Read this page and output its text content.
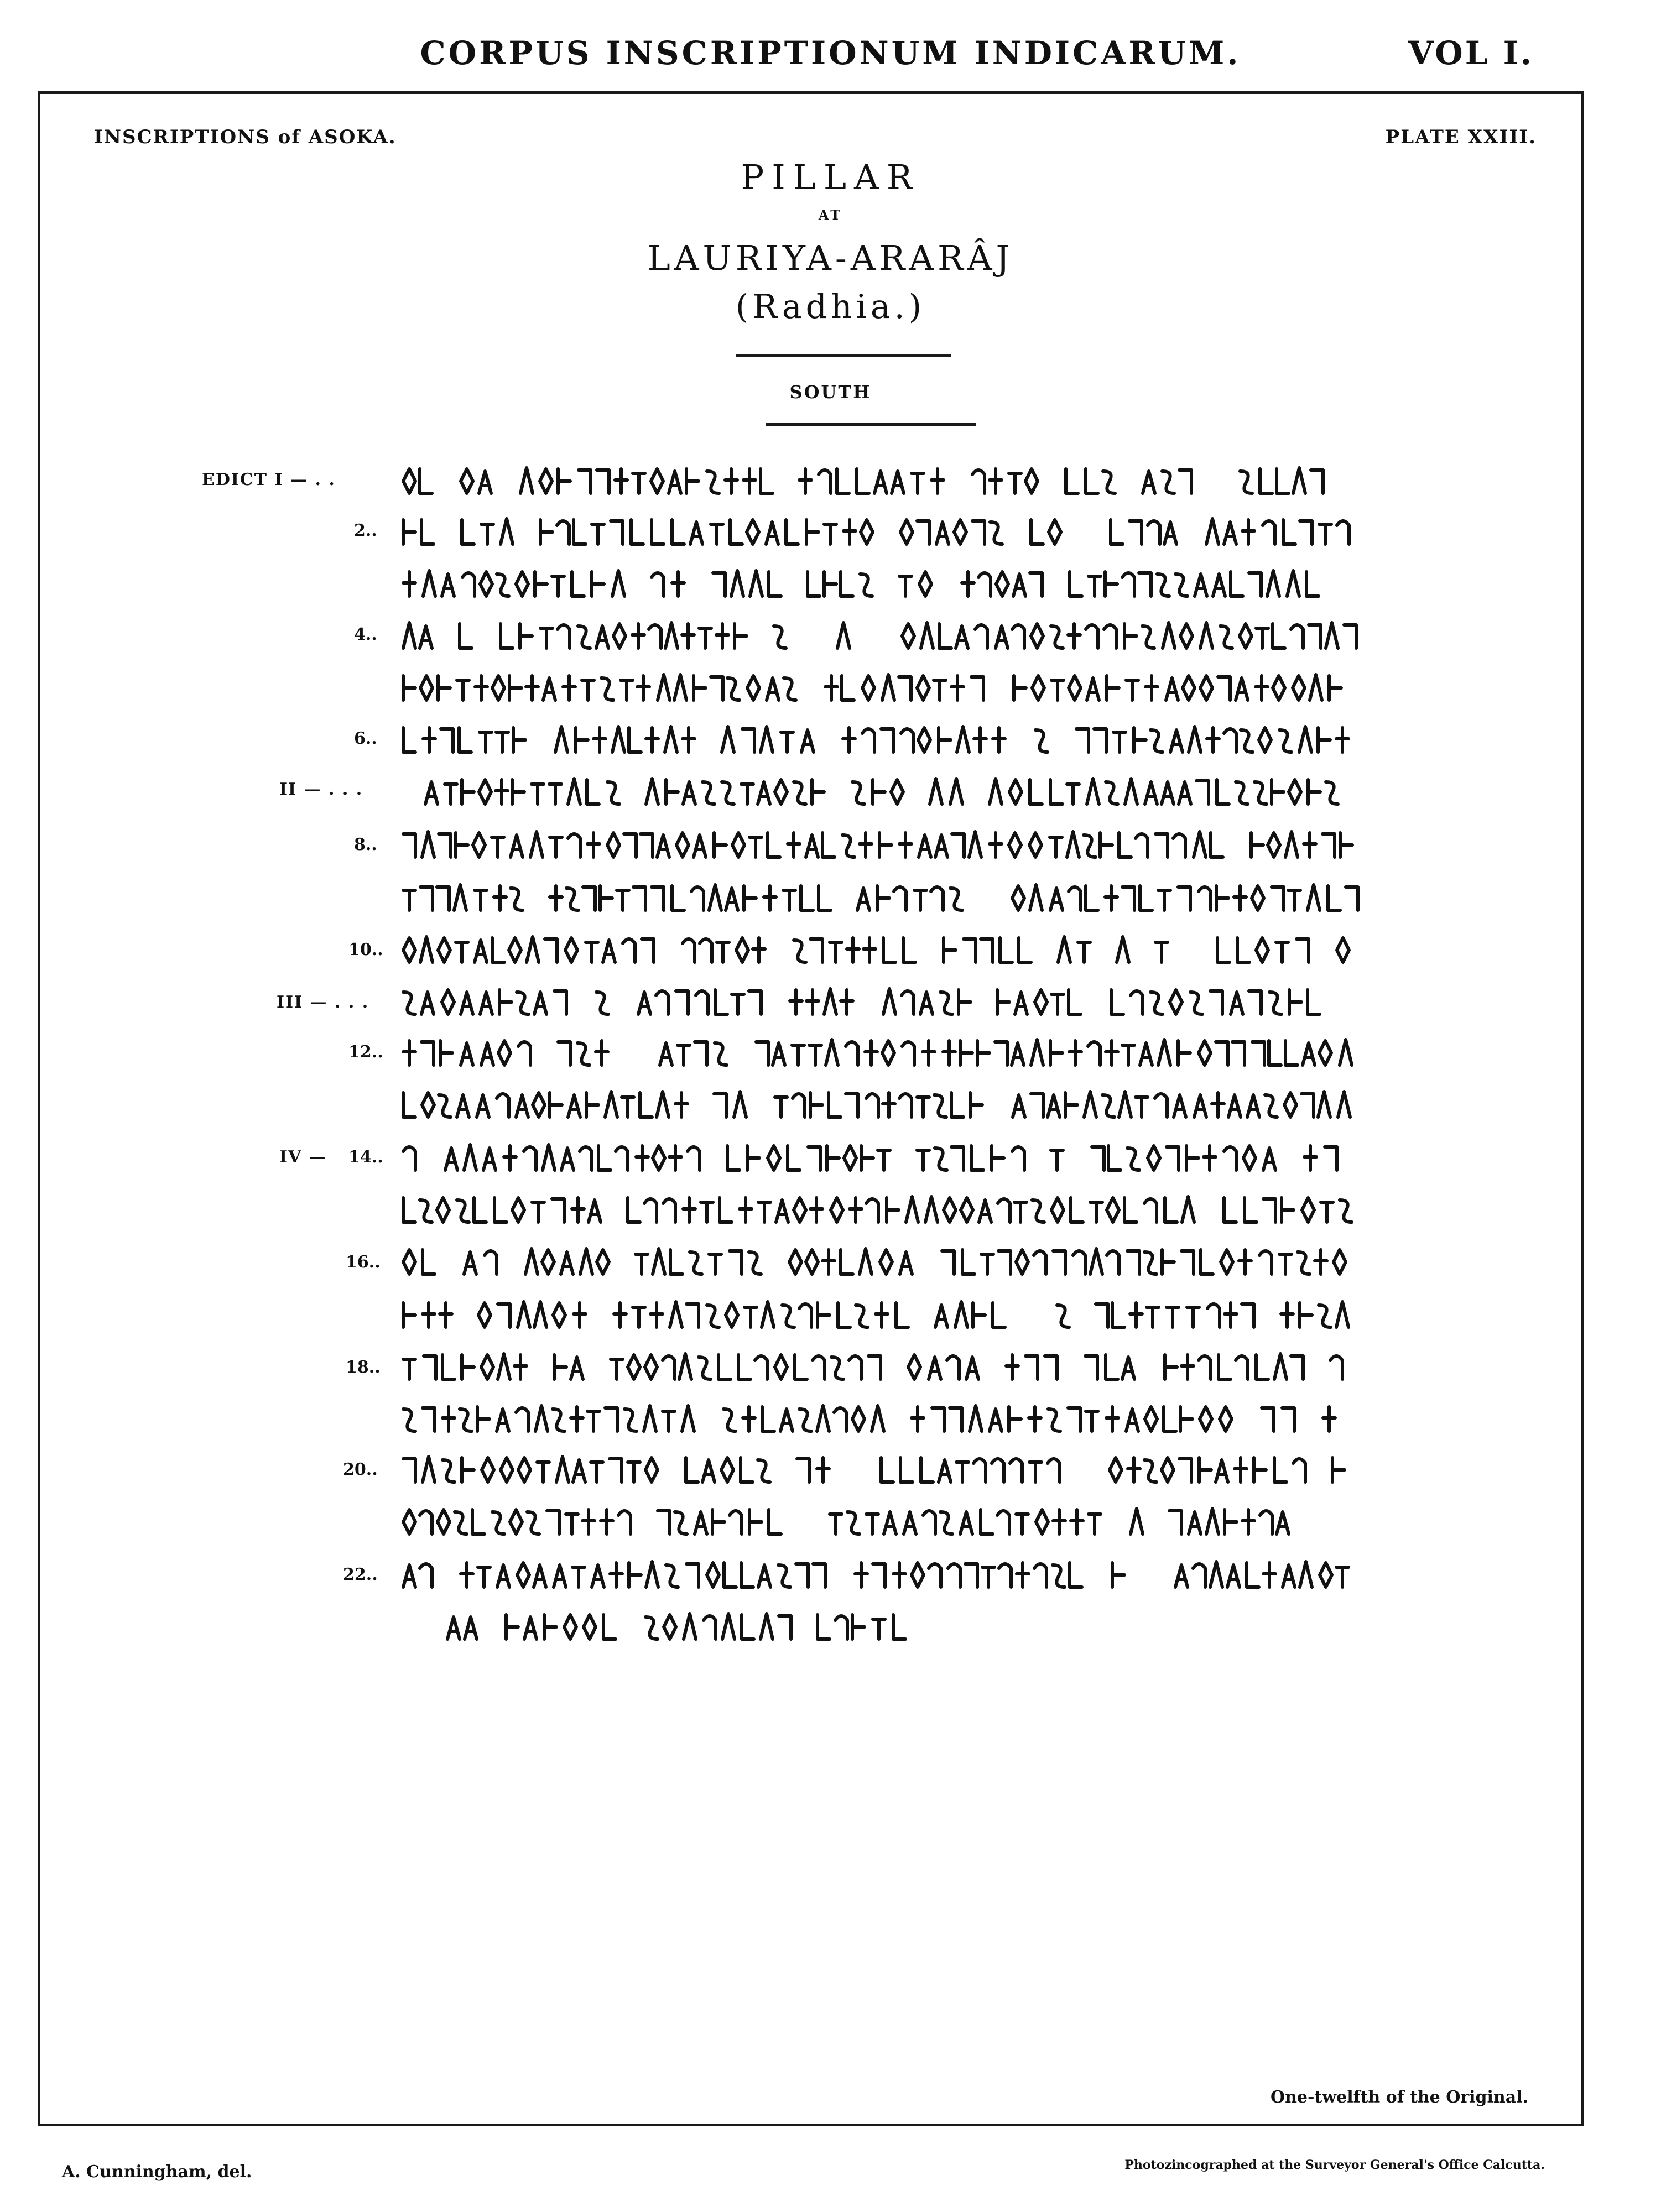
CORPUS INSCRIPTIONUM INDICARUM.	VOL I.
INSCRIPTIONS of ASOKA.	PLATE XXIII.
PILLAR
AT
LAURIYA-ARARÂJ
(Radhia.)
SOUTH
EDICT I — . .
II — . . .
III — . . .
IV —
2..
4..
6..
8..
10..
12..
14..
16..
18..
20..
22..
One-twelfth of the Original.
A. Cunningham, del.	Photozincographed at the Surveyor General's Office Calcutta.
